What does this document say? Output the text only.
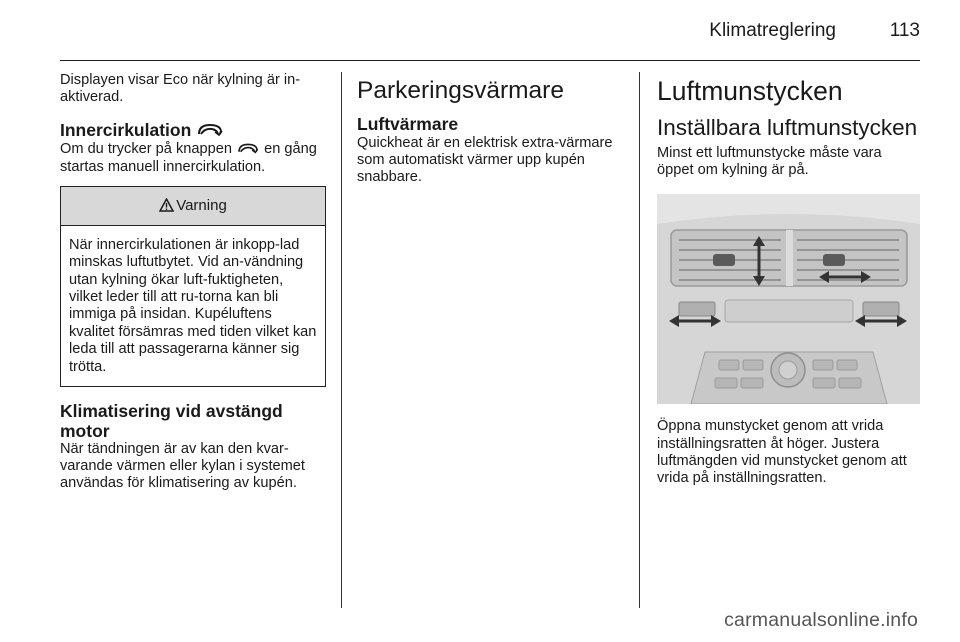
Klimatreglering	113

Displayen visar Eco när kylning är in-aktiverad.

Innercirkulation

Om du trycker på knappen  en gång startas manuell innercirkulation.

Varning
När innercirkulationen är inkopp-lad minskas luftutbytet. Vid an-vändning utan kylning ökar luft-fuktigheten, vilket leder till att ru-torna kan bli immiga på insidan. Kupéluftens kvalitet försämras med tiden vilket kan leda till att passagerarna känner sig trötta.

Klimatisering vid avstängd motor

När tändningen är av kan den kvar-varande värmen eller kylan i systemet användas för klimatisering av kupén.

Parkeringsvärmare

Luftvärmare

Quickheat är en elektrisk extra-värmare som automatiskt värmer upp kupén snabbare.

Luftmunstycken

Inställbara luftmunstycken

Minst ett luftmunstycke måste vara öppet om kylning är på.

Öppna munstycket genom att vrida inställningsratten åt höger. Justera luftmängden vid munstycket genom att vrida på inställningsratten.

carmanualsonline.info
